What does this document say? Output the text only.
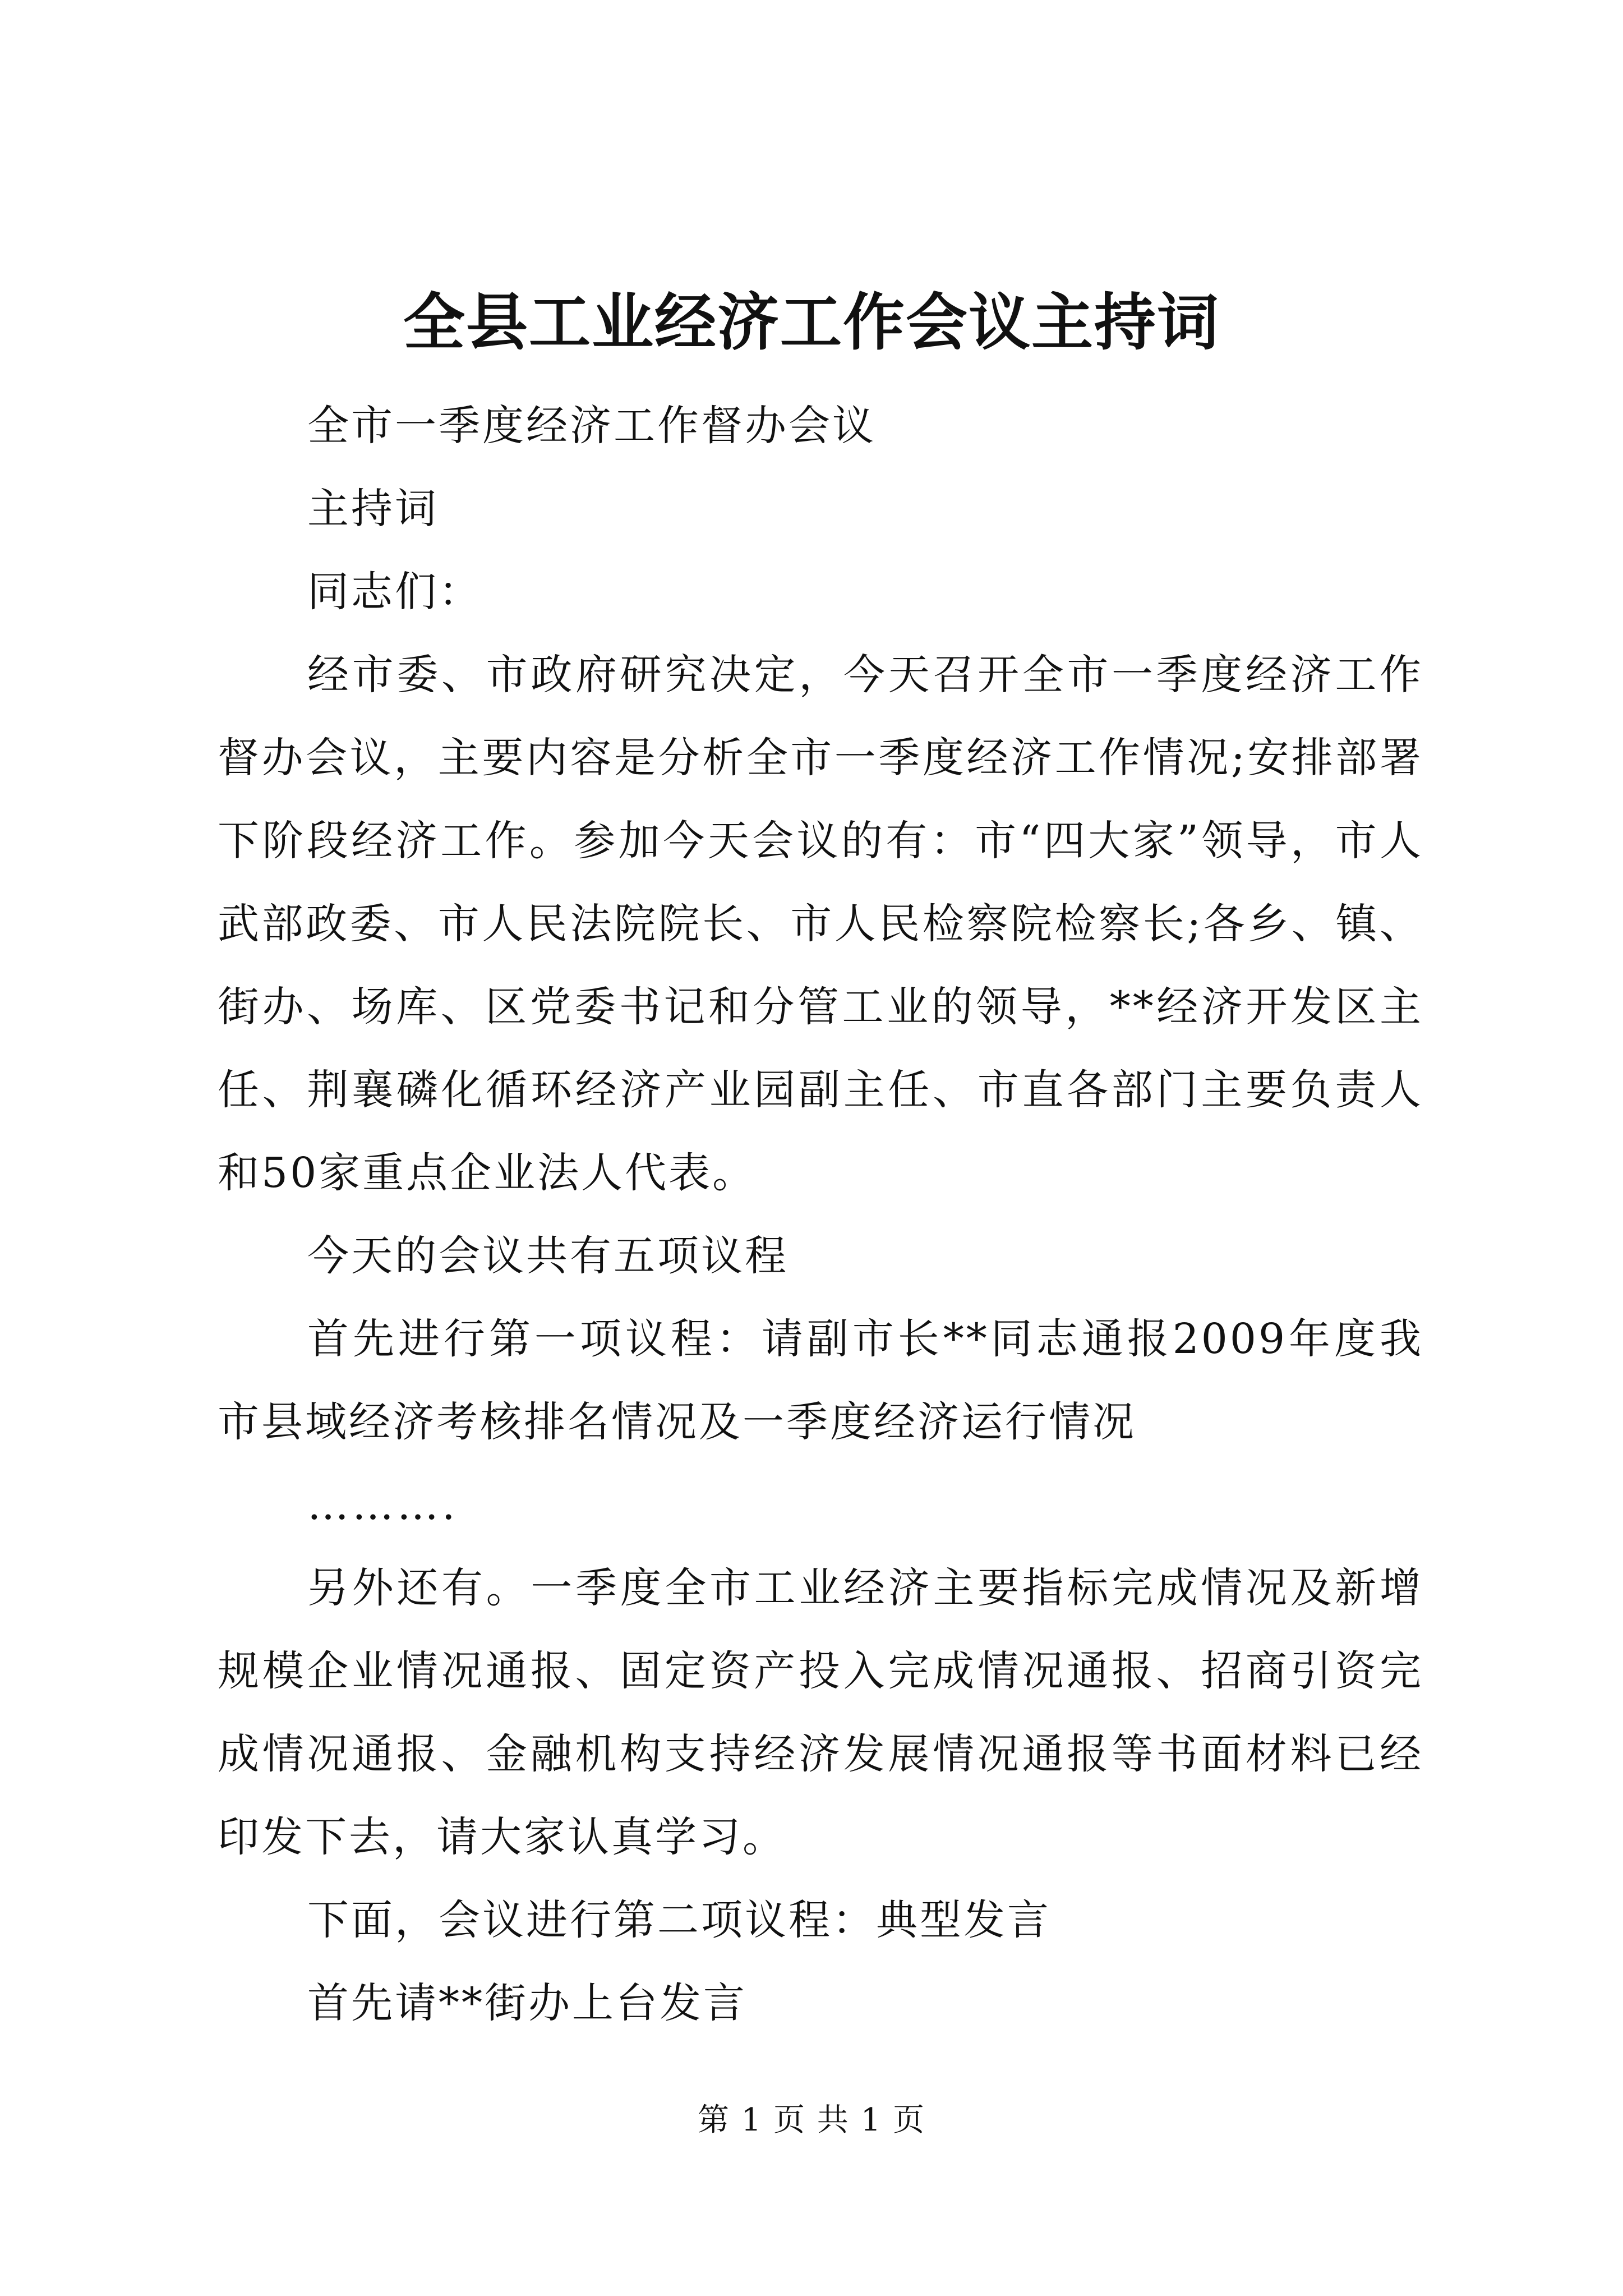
全县工业经济工作会议主持词

全市一季度经济工作督办会议

主持词

同志们：

经市委、市政府研究决定，今天召开全市一季度经济工作督办会议，主要内容是分析全市一季度经济工作情况;安排部署下阶段经济工作。参加今天会议的有：市“四大家”领导，市人武部政委、市人民法院院长、市人民检察院检察长;各乡、镇、街办、场库、区党委书记和分管工业的领导，**经济开发区主任、荆襄磷化循环经济产业园副主任、市直各部门主要负责人和50家重点企业法人代表。

今天的会议共有五项议程

首先进行第一项议程：请副市长**同志通报2009年度我市县域经济考核排名情况及一季度经济运行情况

……….

另外还有。一季度全市工业经济主要指标完成情况及新增规模企业情况通报、固定资产投入完成情况通报、招商引资完成情况通报、金融机构支持经济发展情况通报等书面材料已经印发下去，请大家认真学习。

下面，会议进行第二项议程：典型发言

首先请**街办上台发言

第 1 页 共 1 页
